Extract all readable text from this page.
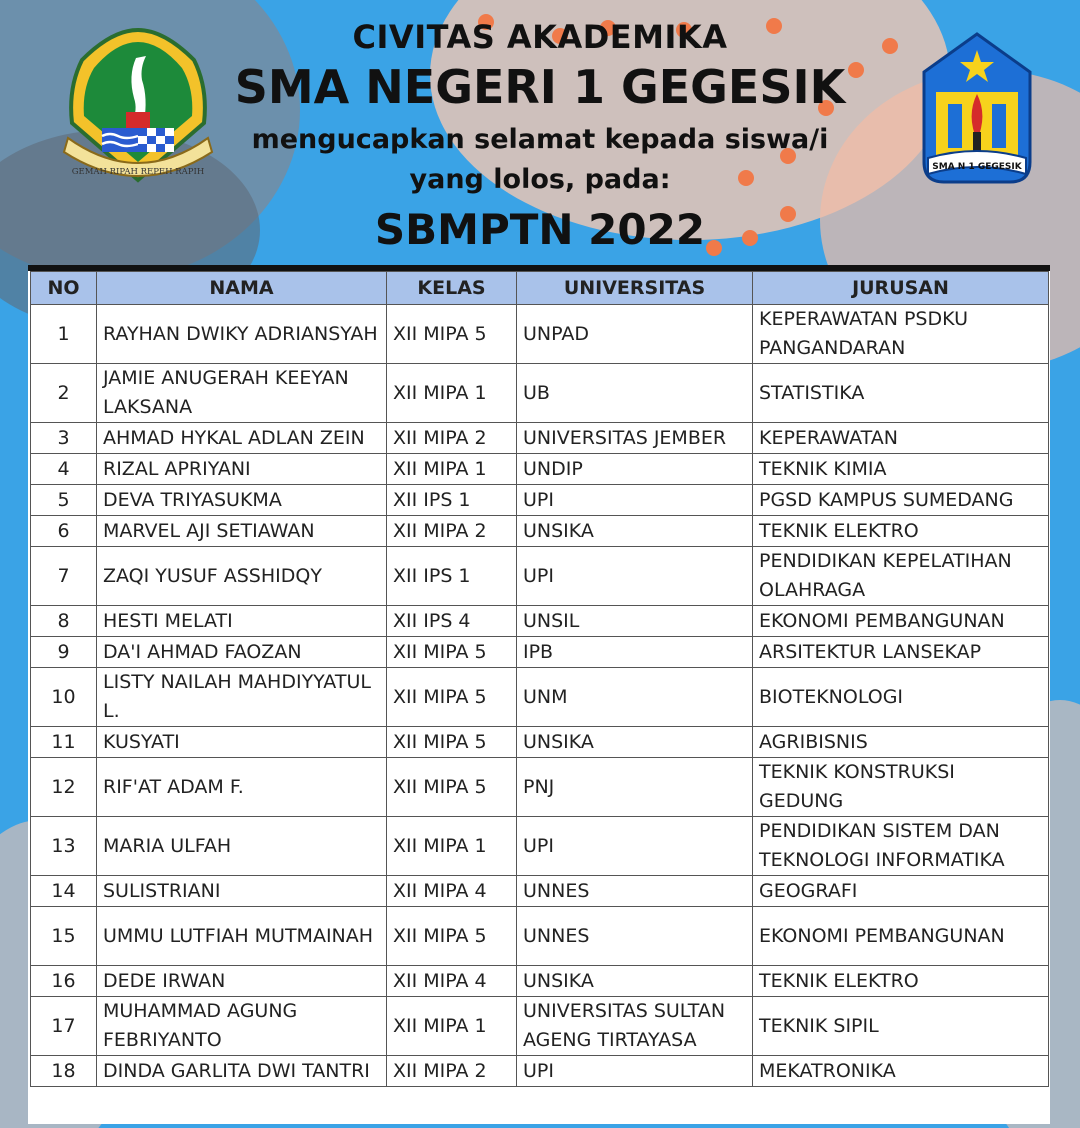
GEMAH RIPAH REPEH RAPIH
CIVITAS AKADEMIKA
SMA NEGERI 1 GEGESIK
mengucapkan selamat kepada siswa/i
yang lolos, pada:
SBMPTN 2022
SMA N 1 GEGESIK
NO	NAMA	KELAS	UNIVERSITAS	JURUSAN
1	RAYHAN DWIKY ADRIANSYAH	XII MIPA 5	UNPAD	KEPERAWATAN PSDKU PANGANDARAN
2	JAMIE ANUGERAH KEEYAN LAKSANA	XII MIPA 1	UB	STATISTIKA
3	AHMAD HYKAL ADLAN ZEIN	XII MIPA 2	UNIVERSITAS JEMBER	KEPERAWATAN
4	RIZAL APRIYANI	XII MIPA 1	UNDIP	TEKNIK KIMIA
5	DEVA TRIYASUKMA	XII IPS 1	UPI	PGSD KAMPUS SUMEDANG
6	MARVEL AJI SETIAWAN	XII MIPA 2	UNSIKA	TEKNIK ELEKTRO
7	ZAQI YUSUF ASSHIDQY	XII IPS 1	UPI	PENDIDIKAN KEPELATIHAN OLAHRAGA
8	HESTI MELATI	XII IPS 4	UNSIL	EKONOMI PEMBANGUNAN
9	DA'I AHMAD FAOZAN	XII MIPA 5	IPB	ARSITEKTUR LANSEKAP
10	LISTY NAILAH MAHDIYYATUL L.	XII MIPA 5	UNM	BIOTEKNOLOGI
11	KUSYATI	XII MIPA 5	UNSIKA	AGRIBISNIS
12	RIF'AT ADAM F.	XII MIPA 5	PNJ	TEKNIK KONSTRUKSI GEDUNG
13	MARIA ULFAH	XII MIPA 1	UPI	PENDIDIKAN SISTEM DAN TEKNOLOGI INFORMATIKA
14	SULISTRIANI	XII MIPA 4	UNNES	GEOGRAFI
15	UMMU LUTFIAH MUTMAINAH	XII MIPA 5	UNNES	EKONOMI PEMBANGUNAN
16	DEDE IRWAN	XII MIPA 4	UNSIKA	TEKNIK ELEKTRO
17	MUHAMMAD AGUNG FEBRIYANTO	XII MIPA 1	UNIVERSITAS SULTAN AGENG TIRTAYASA	TEKNIK SIPIL
18	DINDA GARLITA DWI TANTRI	XII MIPA 2	UPI	MEKATRONIKA
